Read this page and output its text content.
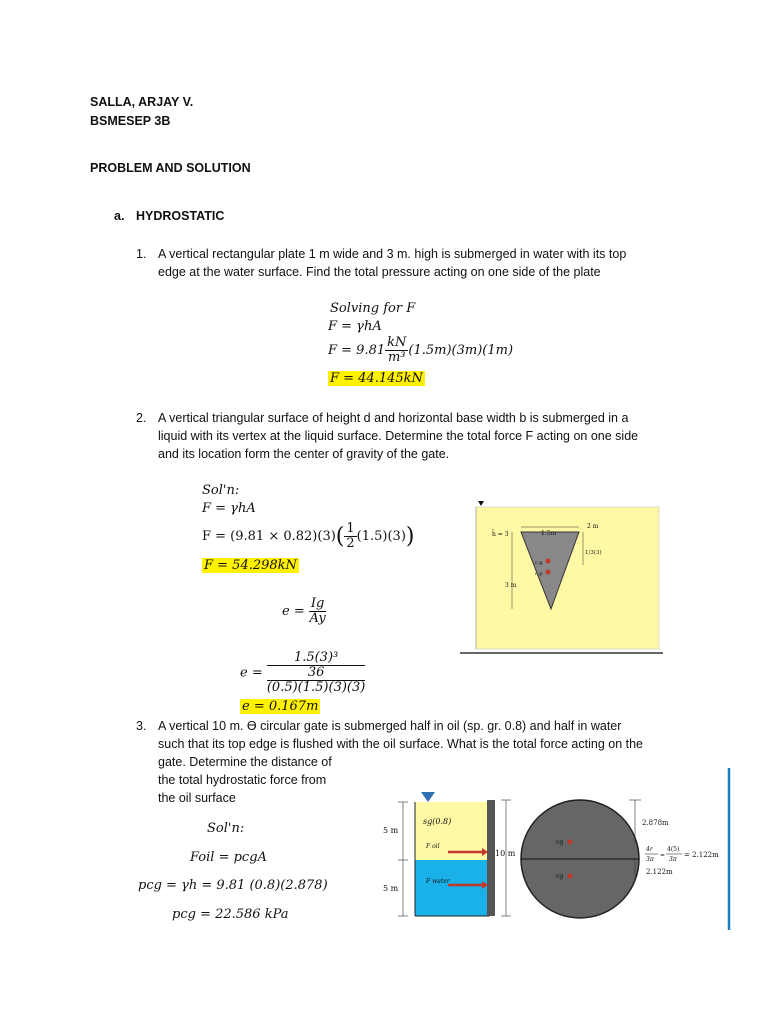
SALLA, ARJAY V.
BSMESEP 3B
PROBLEM AND SOLUTION
a. HYDROSTATIC
1. A vertical rectangular plate 1 m wide and 3 m. high is submerged in water with its top
edge at the water surface. Find the total pressure acting on one side of the plate
Solving for F
F = γhA
$F = 9.81 \frac{kN}{\text{m³}} (1.5m)(3m)(1m)$
F = 44.145kN
2. A vertical triangular surface of height d and horizontal base width b is submerged in a
liquid with its vertex at the liquid surface. Determine the total force F acting on one side
and its location form the center of gravity of the gate.
Sol'n:
F = γhA
$F = (9.81 \times 0.82)(3)( \frac{1}{2} (1.5)(3))$
F = 54.298kN
$e = \frac{Ig}{Ay}$
e =
1.5(3)³
36
(0.5)(1.5)(3)(3)
e = 0.167m
1.5m
h̄ = 3
3 m
2 m
1/3(3)
c.g
c.p
3. A vertical 10 m. Ө circular gate is submerged half in oil (sp. gr. 0.8) and half in water
such that its top edge is flushed with the oil surface. What is the total force acting on the
gate. Determine the distance of
the total hydrostatic force from
the oil surface
Sol'n:
Foil = pcgA
pcg = γh = 9.81 (0.8)(2.878)
pcg = 22.586 kPa
5 m
5 m
sg(0.8)
F oil
F water
10 m
cg
cg
2.878m
4r
3π
=
4(5)
3π
= 2.122m
2.122m
